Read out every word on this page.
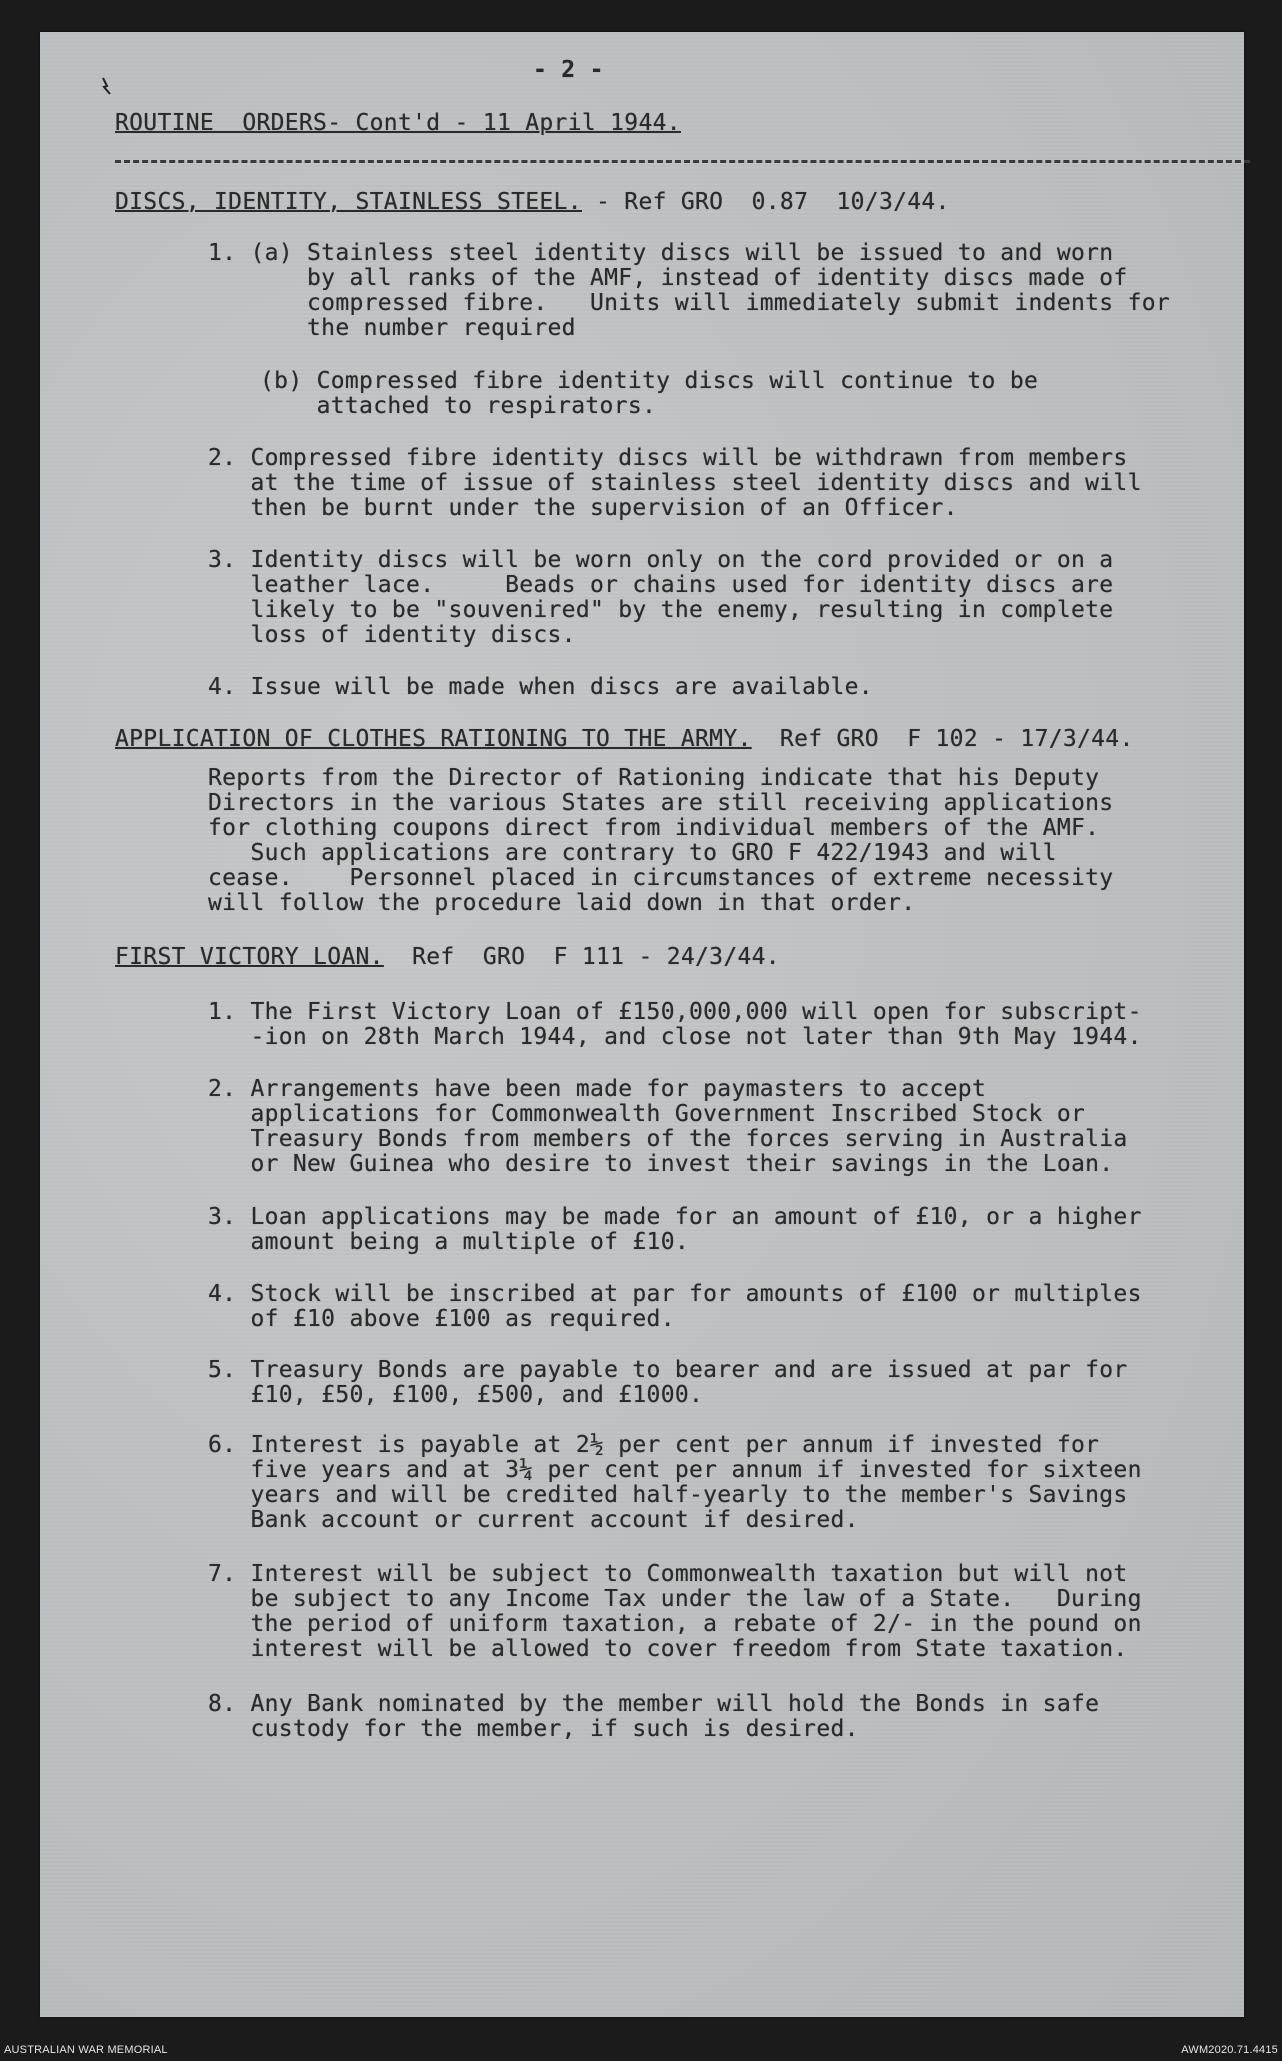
- 2 -
ROUTINE  ORDERS- Cont'd - 11 April 1944.
DISCS, IDENTITY, STAINLESS STEEL. - Ref GRO  0.87  10/3/44.
1. (a) Stainless steel identity discs will be issued to and worn
by all ranks of the AMF, instead of identity discs made of
compressed fibre.   Units will immediately submit indents for
the number required
(b) Compressed fibre identity discs will continue to be
attached to respirators.
2. Compressed fibre identity discs will be withdrawn from members
at the time of issue of stainless steel identity discs and will
then be burnt under the supervision of an Officer.
3. Identity discs will be worn only on the cord provided or on a
leather lace.     Beads or chains used for identity discs are
likely to be "souvenired" by the enemy, resulting in complete
loss of identity discs.
4. Issue will be made when discs are available.
APPLICATION OF CLOTHES RATIONING TO THE ARMY.  Ref GRO  F 102 - 17/3/44.
Reports from the Director of Rationing indicate that his Deputy
Directors in the various States are still receiving applications
for clothing coupons direct from individual members of the AMF.
Such applications are contrary to GRO F 422/1943 and will
cease.    Personnel placed in circumstances of extreme necessity
will follow the procedure laid down in that order.
FIRST VICTORY LOAN.  Ref  GRO  F 111 - 24/3/44.
1. The First Victory Loan of £150,000,000 will open for subscript-
-ion on 28th March 1944, and close not later than 9th May 1944.
2. Arrangements have been made for paymasters to accept
applications for Commonwealth Government Inscribed Stock or
Treasury Bonds from members of the forces serving in Australia
or New Guinea who desire to invest their savings in the Loan.
3. Loan applications may be made for an amount of £10, or a higher
amount being a multiple of £10.
4. Stock will be inscribed at par for amounts of £100 or multiples
of £10 above £100 as required.
5. Treasury Bonds are payable to bearer and are issued at par for
£10, £50, £100, £500, and £1000.
6. Interest is payable at 2½ per cent per annum if invested for
five years and at 3¼ per cent per annum if invested for sixteen
years and will be credited half-yearly to the member's Savings
Bank account or current account if desired.
7. Interest will be subject to Commonwealth taxation but will not
be subject to any Income Tax under the law of a State.   During
the period of uniform taxation, a rebate of 2/- in the pound on
interest will be allowed to cover freedom from State taxation.
8. Any Bank nominated by the member will hold the Bonds in safe
custody for the member, if such is desired.
AUSTRALIAN WAR MEMORIAL	AWM2020.71.4415
